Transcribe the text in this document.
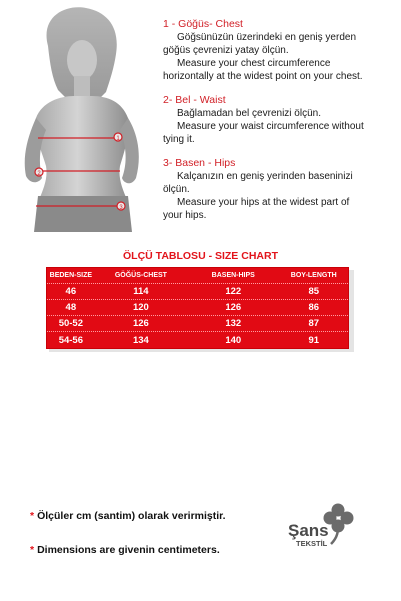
1
2
3
1 - Göğüs- Chest
Göğsünüzün üzerindeki en geniş yerden
göğüs çevrenizi yatay ölçün.
Measure your chest circumference
horizontally at the widest point on your chest.
2- Bel - Waist
Bağlamadan bel çevrenizi ölçün.
Measure your waist circumference without
tying it.
3- Basen - Hips
Kalçanızın en geniş yerinden baseninizi
ölçün.
Measure your hips at the widest part of
your hips.
ÖLÇÜ TABLOSU - SIZE CHART
BEDEN-SIZE	GÖĞÜS-CHEST	BASEN-HIPS	BOY-LENGTH
46	114	122	85
48	120	126	86
50-52	126	132	87
54-56	134	140	91
* Ölçüler cm (santim) olarak verirmiştir.
* Dimensions are givenin centimeters.
Şans
TEKSTİL
